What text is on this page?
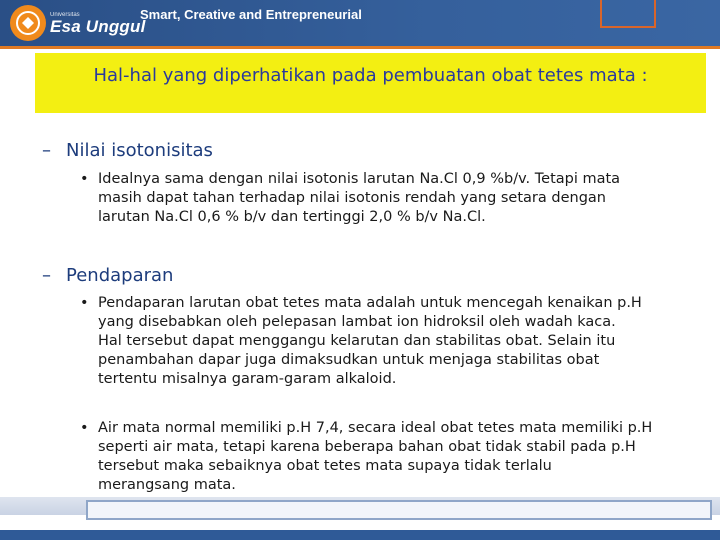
Universitas
Esa Unggul
Smart, Creative and Entrepreneurial
Hal-hal yang diperhatikan pada pembuatan obat tetes mata :
– Nilai isotonisitas
• Idealnya sama dengan nilai isotonis larutan Na.Cl 0,9 %b/v. Tetapi mata
masih dapat tahan terhadap nilai isotonis rendah yang setara dengan
larutan Na.Cl 0,6 % b/v dan tertinggi 2,0 % b/v Na.Cl.
– Pendaparan
• Pendaparan larutan obat tetes mata adalah untuk mencegah kenaikan p.H
yang disebabkan oleh pelepasan lambat ion hidroksil oleh wadah kaca.
Hal tersebut dapat menggangu kelarutan dan stabilitas obat. Selain itu
penambahan dapar juga dimaksudkan untuk menjaga stabilitas obat
tertentu misalnya garam-garam alkaloid.
• Air mata normal memiliki p.H 7,4, secara ideal obat tetes mata memiliki p.H
seperti air mata, tetapi karena beberapa bahan obat tidak stabil pada p.H
tersebut maka sebaiknya obat tetes mata supaya tidak terlalu
merangsang mata.
